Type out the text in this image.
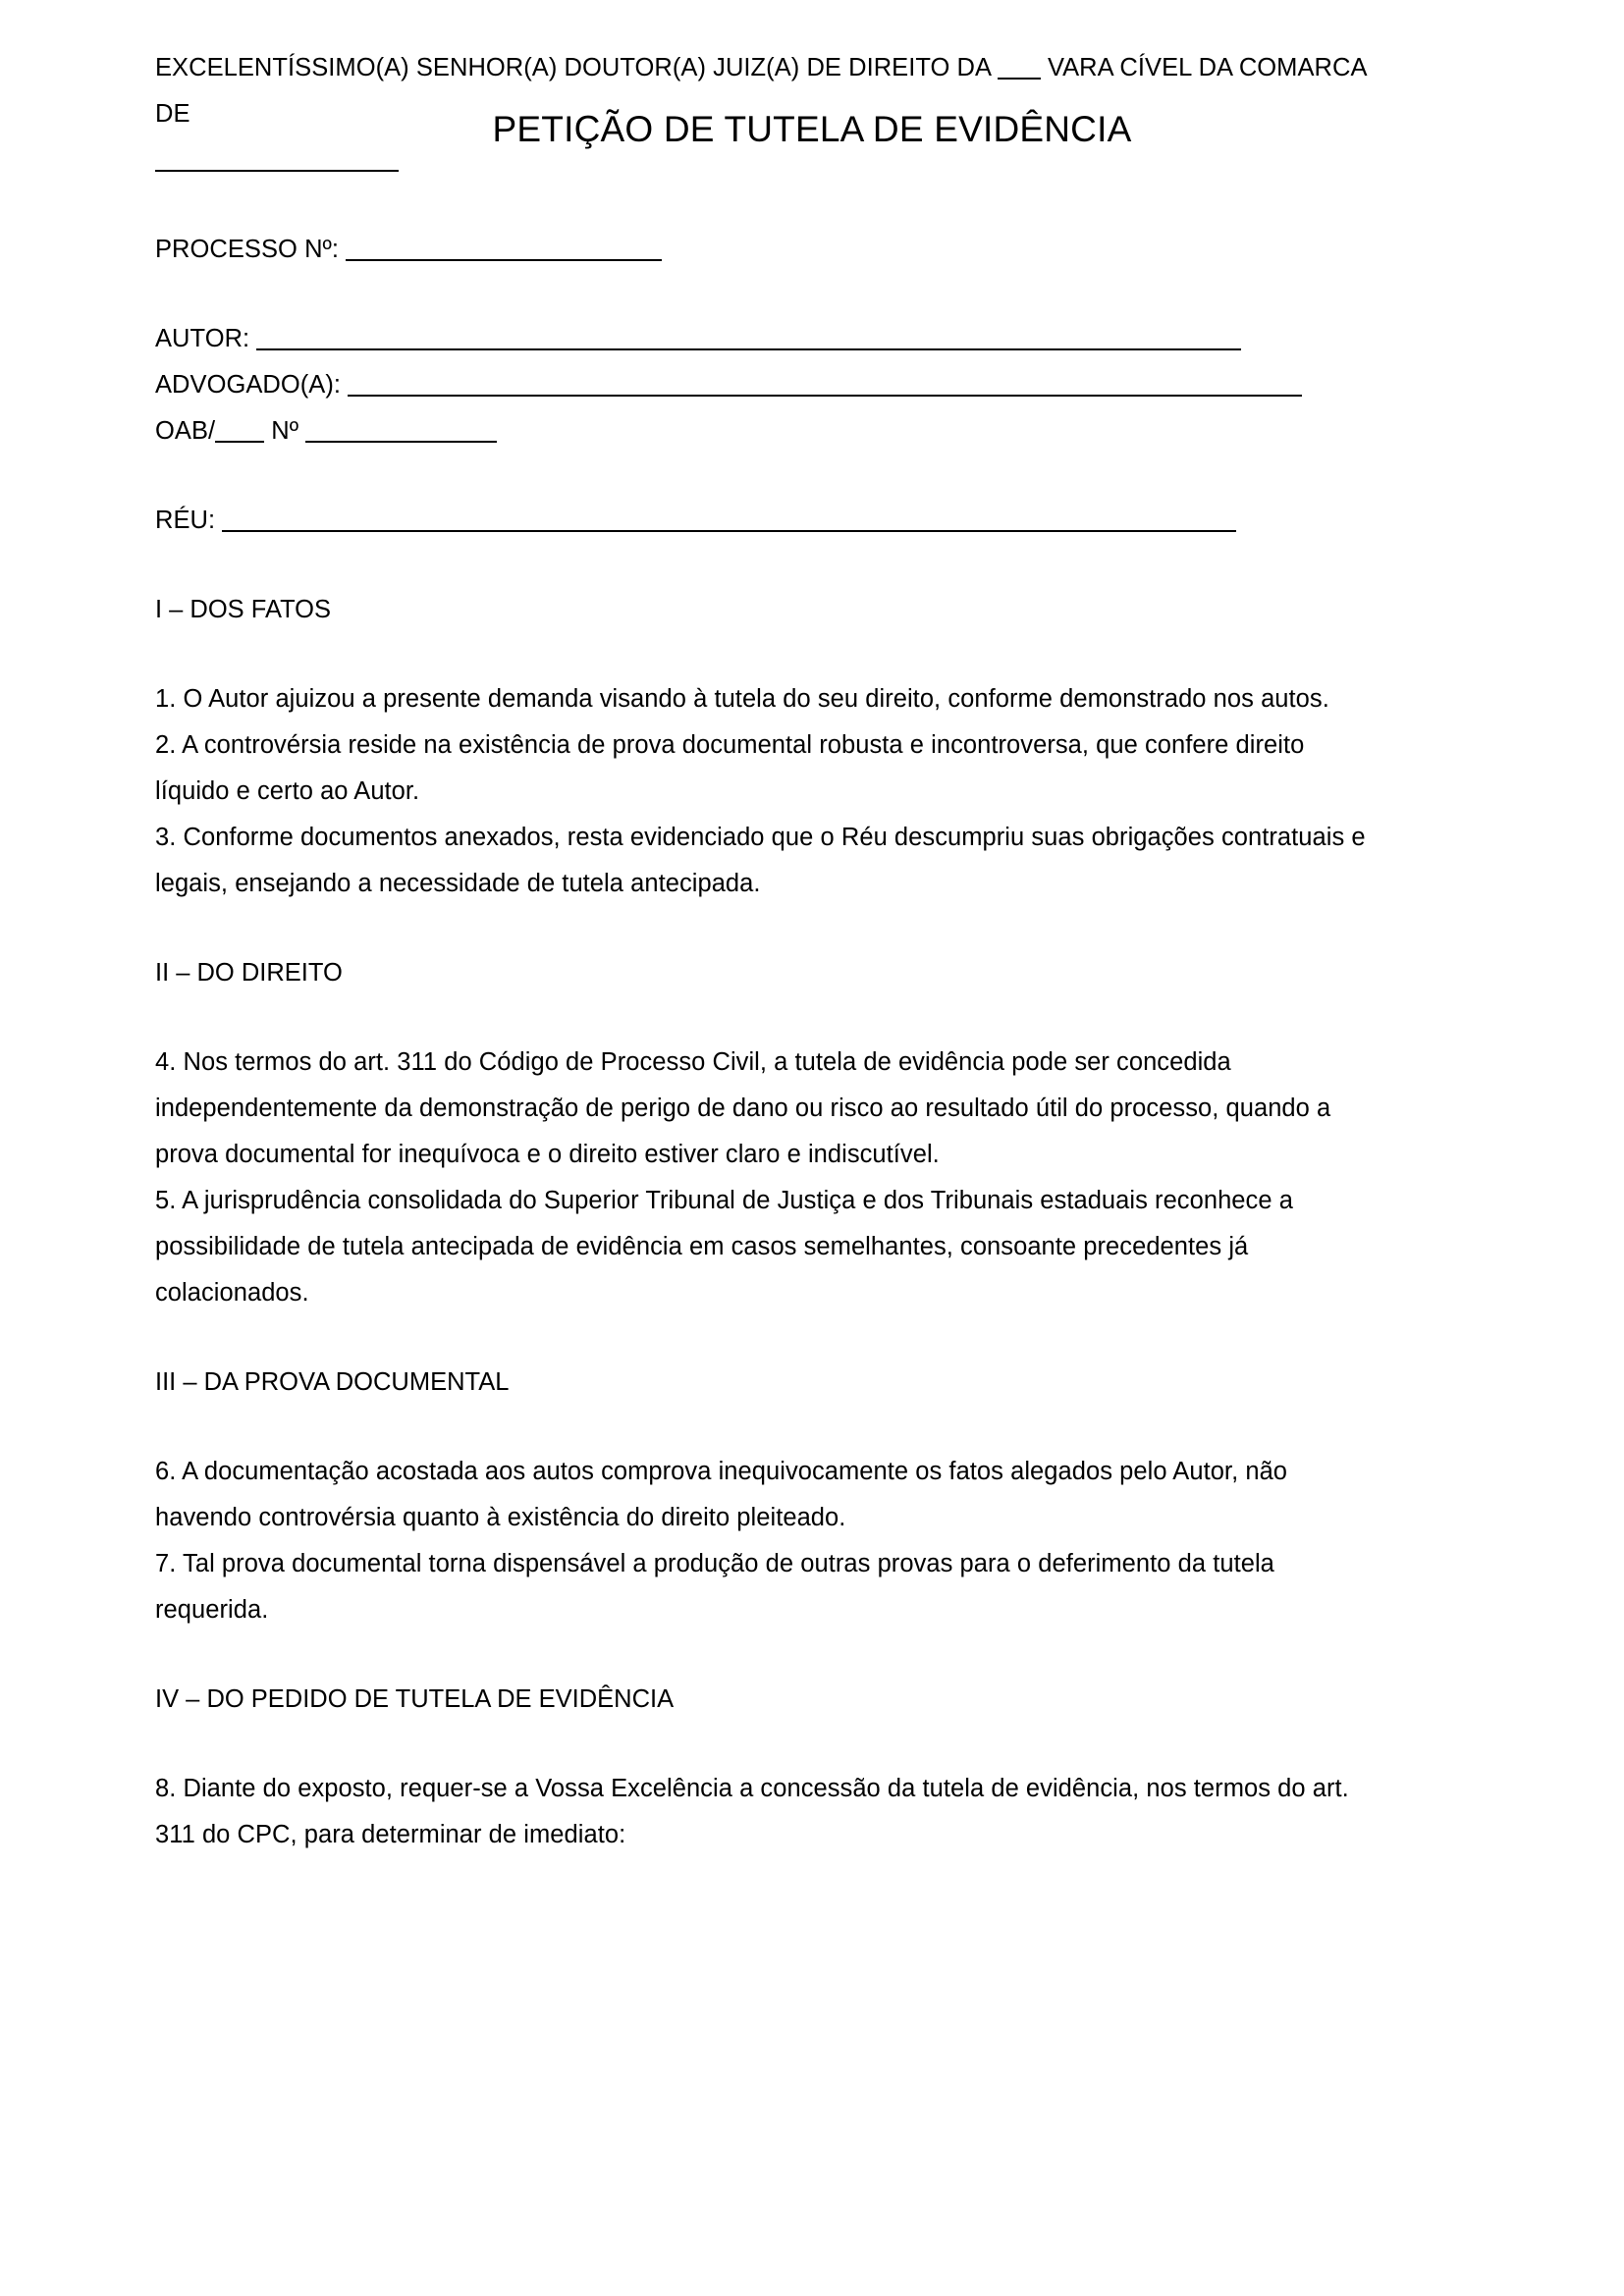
PETIÇÃO DE TUTELA DE EVIDÊNCIA

EXCELENTÍSSIMO(A) SENHOR(A) DOUTOR(A) JUIZ(A) DE DIREITO DA VARA CÍVEL DA COMARCA DE

PROCESSO Nº:

AUTOR:

ADVOGADO(A):

OAB/ Nº

RÉU:

I – DOS FATOS

1. O Autor ajuizou a presente demanda visando à tutela do seu direito, conforme demonstrado nos autos.

2. A controvérsia reside na existência de prova documental robusta e incontroversa, que confere direito líquido e certo ao Autor.

3. Conforme documentos anexados, resta evidenciado que o Réu descumpriu suas obrigações contratuais e legais, ensejando a necessidade de tutela antecipada.

II – DO DIREITO

4. Nos termos do art. 311 do Código de Processo Civil, a tutela de evidência pode ser concedida independentemente da demonstração de perigo de dano ou risco ao resultado útil do processo, quando a prova documental for inequívoca e o direito estiver claro e indiscutível.

5. A jurisprudência consolidada do Superior Tribunal de Justiça e dos Tribunais estaduais reconhece a possibilidade de tutela antecipada de evidência em casos semelhantes, consoante precedentes já colacionados.

III – DA PROVA DOCUMENTAL

6. A documentação acostada aos autos comprova inequivocamente os fatos alegados pelo Autor, não havendo controvérsia quanto à existência do direito pleiteado.

7. Tal prova documental torna dispensável a produção de outras provas para o deferimento da tutela requerida.

IV – DO PEDIDO DE TUTELA DE EVIDÊNCIA

8. Diante do exposto, requer-se a Vossa Excelência a concessão da tutela de evidência, nos termos do art. 311 do CPC, para determinar de imediato:
